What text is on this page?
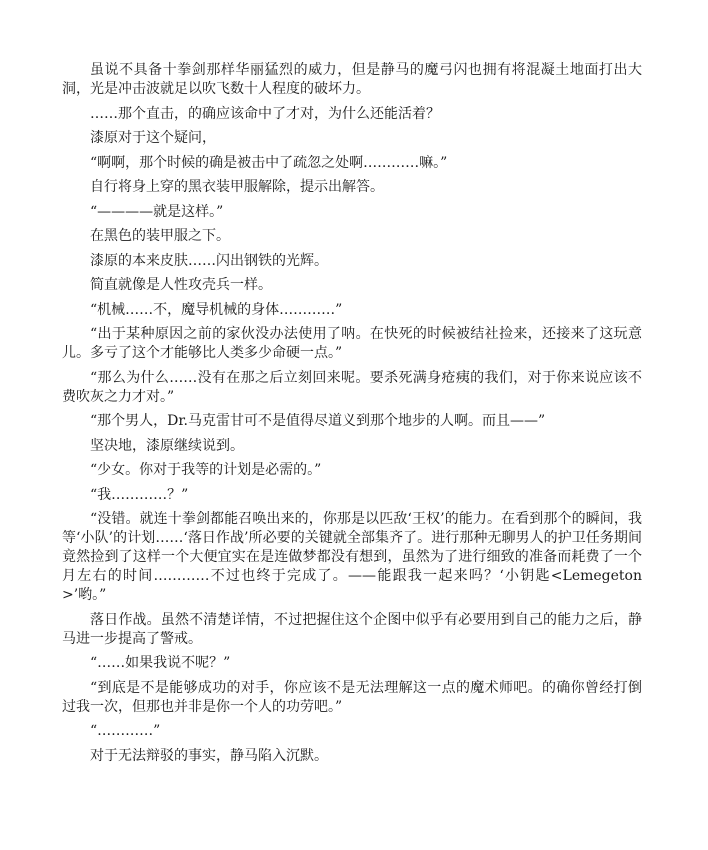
虽说不具备十拳剑那样华丽猛烈的威力，但是静马的魔弓闪也拥有将混凝土地面打出大洞，光是冲击波就足以吹飞数十人程度的破坏力。

……那个直击，的确应该命中了才对，为什么还能活着？

漆原对于这个疑问，

“啊啊，那个时候的确是被击中了疏忽之处啊…………嘛。”

自行将身上穿的黑衣装甲服解除，提示出解答。

“————就是这样。”

在黑色的装甲服之下。

漆原的本来皮肤……闪出钢铁的光辉。

简直就像是人性攻壳兵一样。

“机械……不，魔导机械的身体…………”

“出于某种原因之前的家伙没办法使用了呐。在快死的时候被结社捡来，还接来了这玩意儿。多亏了这个才能够比人类多少命硬一点。”

“那么为什么……没有在那之后立刻回来呢。要杀死满身疮痍的我们，对于你来说应该不费吹灰之力才对。”

“那个男人，Dr.马克雷甘可不是值得尽道义到那个地步的人啊。而且——”

坚决地，漆原继续说到。

“少女。你对于我等的计划是必需的。”

“我…………？”

“没错。就连十拳剑都能召唤出来的，你那是以匹敌‘王权’的能力。在看到那个的瞬间，我等‘小队’的计划……‘落日作战’所必要的关键就全部集齐了。进行那种无聊男人的护卫任务期间竟然捡到了这样一个大便宜实在是连做梦都没有想到，虽然为了进行细致的准备而耗费了一个月左右的时间…………不过也终于完成了。——能跟我一起来吗？‘小钥匙<Lemegeton>’哟。”

落日作战。虽然不清楚详情，不过把握住这个企图中似乎有必要用到自己的能力之后，静马进一步提高了警戒。

“……如果我说不呢？”

“到底是不是能够成功的对手，你应该不是无法理解这一点的魔术师吧。的确你曾经打倒过我一次，但那也并非是你一个人的功劳吧。”

“…………”

对于无法辩驳的事实，静马陷入沉默。
